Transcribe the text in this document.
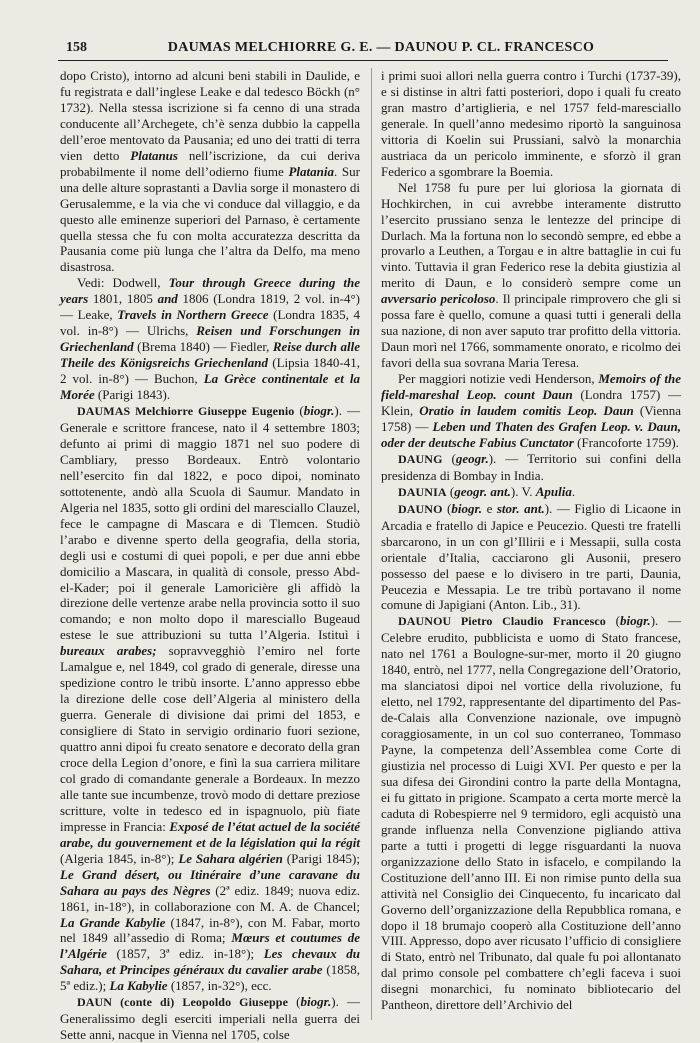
158	DAUMAS MELCHIORRE G. E. — DAUNOU P. CL. FRANCESCO

dopo Cristo), intorno ad alcuni beni stabili in Daulide, e fu registrata e dall’inglese Leake e dal tedesco Böckh (n° 1732). Nella stessa iscrizione si fa cenno di una strada conducente all’Archegete, ch’è senza dubbio la cappella dell’eroe mentovato da Pausania; ed uno dei tratti di terra vien detto Platanus nell’iscrizione, da cui deriva probabilmente il nome dell’odierno fiume Platania. Sur una delle alture soprastanti a Davlia sorge il monastero di Gerusalemme, e la via che vi conduce dal villaggio, e da questo alle eminenze superiori del Parnaso, è certamente quella stessa che fu con molta accuratezza descritta da Pausania come più lunga che l’altra da Delfo, ma meno disastrosa.

Vedi: Dodwell, Tour through Greece during the years 1801, 1805 and 1806 (Londra 1819, 2 vol. in-4°) — Leake, Travels in Northern Greece (Londra 1835, 4 vol. in-8°) — Ulrichs, Reisen und Forschungen in Griechenland (Brema 1840) — Fiedler, Reise durch alle Theile des Königsreichs Griechenland (Lipsia 1840-41, 2 vol. in-8°) — Buchon, La Grèce continentale et la Morée (Parigi 1843).

DAUMAS Melchiorre Giuseppe Eugenio (biogr.). — Generale e scrittore francese, nato il 4 settembre 1803; defunto ai primi di maggio 1871 nel suo podere di Cambliary, presso Bordeaux. Entrò volontario nell’esercito fin dal 1822, e poco dipoi, nominato sottotenente, andò alla Scuola di Saumur. Mandato in Algeria nel 1835, sotto gli ordini del maresciallo Clauzel, fece le campagne di Mascara e di Tlemcen. Studiò l’arabo e divenne sperto della geografia, della storia, degli usi e costumi di quei popoli, e per due anni ebbe domicilio a Mascara, in qualità di console, presso Abd-el-Kader; poi il generale Lamoricière gli affidò la direzione delle vertenze arabe nella provincia sotto il suo comando; e non molto dopo il maresciallo Bugeaud estese le sue attribuzioni su tutta l’Algeria. Istituì i bureaux arabes; sopravvegghiò l’emiro nel forte Lamalgue e, nel 1849, col grado di generale, diresse una spedizione contro le tribù insorte. L’anno appresso ebbe la direzione delle cose dell’Algeria al ministero della guerra. Generale di divisione dai primi del 1853, e consigliere di Stato in servigio ordinario fuori sezione, quattro anni dipoi fu creato senatore e decorato della gran croce della Legion d’onore, e finì la sua carriera militare col grado di comandante generale a Bordeaux. In mezzo alle tante sue incumbenze, trovò modo di dettare preziose scritture, volte in tedesco ed in ispagnuolo, più fiate impresse in Francia: Exposé de l’état actuel de la société arabe, du gouvernement et de la législation qui la régit (Algeria 1845, in-8°); Le Sahara algérien (Parigi 1845); Le Grand désert, ou Itinéraire d’une caravane du Sahara au pays des Nègres (2ª ediz. 1849; nuova ediz. 1861, in-18°), in collaborazione con M. A. de Chancel; La Grande Kabylie (1847, in-8°), con M. Fabar, morto nel 1849 all’assedio di Roma; Mœurs et coutumes de l’Algérie (1857, 3ª ediz. in-18°); Les chevaux du Sahara, et Principes généraux du cavalier arabe (1858, 5ª ediz.); La Kabylie (1857, in-32°), ecc.

DAUN (conte di) Leopoldo Giuseppe (biogr.). — Generalissimo degli eserciti imperiali nella guerra dei Sette anni, nacque in Vienna nel 1705, colse

i primi suoi allori nella guerra contro i Turchi (1737-39), e si distinse in altri fatti posteriori, dopo i quali fu creato gran mastro d’artiglieria, e nel 1757 feld-maresciallo generale. In quell’anno medesimo riportò la sanguinosa vittoria di Koelin sui Prussiani, salvò la monarchia austriaca da un pericolo imminente, e sforzò il gran Federico a sgombrare la Boemia.

Nel 1758 fu pure per lui gloriosa la giornata di Hochkirchen, in cui avrebbe interamente distrutto l’esercito prussiano senza le lentezze del principe di Durlach. Ma la fortuna non lo secondò sempre, ed ebbe a provarlo a Leuthen, a Torgau e in altre battaglie in cui fu vinto. Tuttavia il gran Federico rese la debita giustizia al merito di Daun, e lo considerò sempre come un avversario pericoloso. Il principale rimprovero che gli si possa fare è quello, comune a quasi tutti i generali della sua nazione, di non aver saputo trar profitto della vittoria. Daun morì nel 1766, sommamente onorato, e ricolmo dei favori della sua sovrana Maria Teresa.

Per maggiori notizie vedi Henderson, Memoirs of the field-mareshal Leop. count Daun (Londra 1757) — Klein, Oratio in laudem comitis Leop. Daun (Vienna 1758) — Leben und Thaten des Grafen Leop. v. Daun, oder der deutsche Fabius Cunctator (Francoforte 1759).

DAUNG (geogr.). — Territorio sui confini della presidenza di Bombay in India.

DAUNIA (geogr. ant.). V. Apulia.

DAUNO (biogr. e stor. ant.). — Figlio di Licaone in Arcadia e fratello di Japice e Peucezio. Questi tre fratelli sbarcarono, in un con gl’Illirii e i Messapii, sulla costa orientale d’Italia, cacciarono gli Ausonii, presero possesso del paese e lo divisero in tre parti, Daunia, Peucezia e Messapia. Le tre tribù portavano il nome comune di Japigiani (Anton. Lib., 31).

DAUNOU Pietro Claudio Francesco (biogr.). — Celebre erudito, pubblicista e uomo di Stato francese, nato nel 1761 a Boulogne-sur-mer, morto il 20 giugno 1840, entrò, nel 1777, nella Congregazione dell’Oratorio, ma slanciatosi dipoi nel vortice della rivoluzione, fu eletto, nel 1792, rappresentante del dipartimento del Pas-de-Calais alla Convenzione nazionale, ove impugnò coraggiosamente, in un col suo conterraneo, Tommaso Payne, la competenza dell’Assemblea come Corte di giustizia nel processo di Luigi XVI. Per questo e per la sua difesa dei Girondini contro la parte della Montagna, ei fu gittato in prigione. Scampato a certa morte mercè la caduta di Robespierre nel 9 termidoro, egli acquistò una grande influenza nella Convenzione pigliando attiva parte a tutti i progetti di legge risguardanti la nuova organizzazione dello Stato in isfacelo, e compilando la Costituzione dell’anno III. Ei non rimise punto della sua attività nel Consiglio dei Cinquecento, fu incaricato dal Governo dell’organizzazione della Repubblica romana, e dopo il 18 brumajo cooperò alla Costituzione dell’anno VIII. Appresso, dopo aver ricusato l’ufficio di consigliere di Stato, entrò nel Tribunato, dal quale fu poi allontanato dal primo console pel combattere ch’egli faceva i suoi disegni monarchici, fu nominato bibliotecario del Pantheon, direttore dell’Archivio del
